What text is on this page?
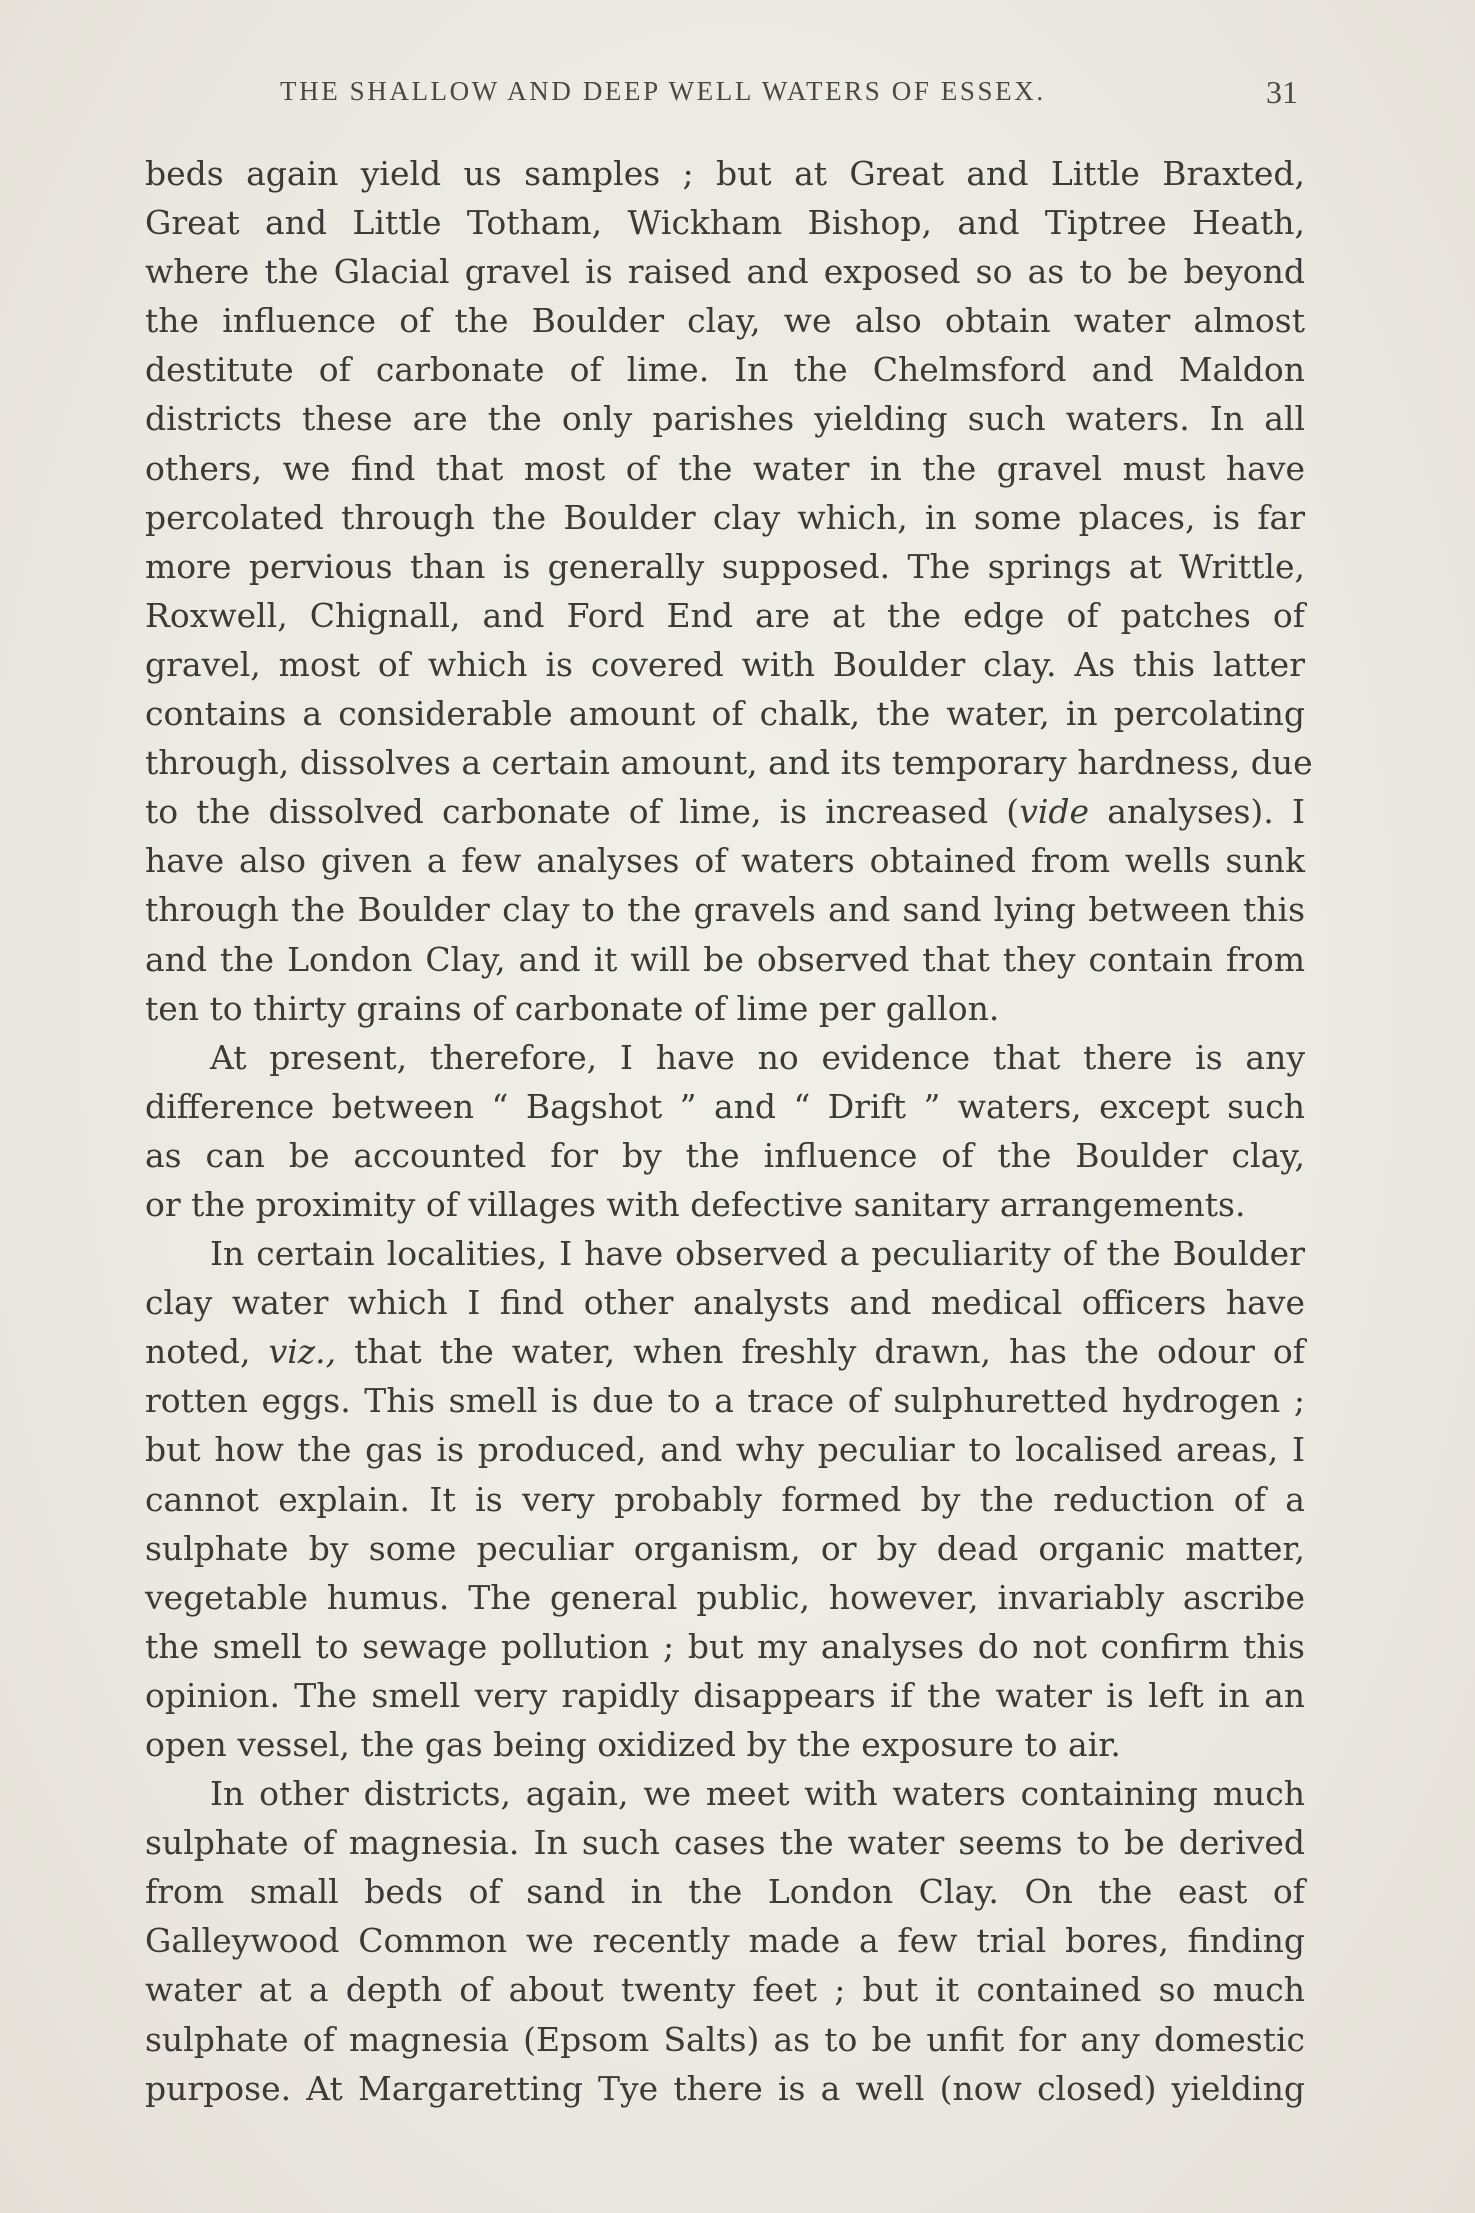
THE SHALLOW AND DEEP WELL WATERS OF ESSEX.	31
beds again yield us samples ; but at Great and Little Braxted,
Great and Little Totham, Wickham Bishop, and Tiptree Heath,
where the Glacial gravel is raised and exposed so as to be beyond
the influence of the Boulder clay, we also obtain water almost
destitute of carbonate of lime. In the Chelmsford and Maldon
districts these are the only parishes yielding such waters. In all
others, we find that most of the water in the gravel must have
percolated through the Boulder clay which, in some places, is far
more pervious than is generally supposed. The springs at Writtle,
Roxwell, Chignall, and Ford End are at the edge of patches of
gravel, most of which is covered with Boulder clay. As this latter
contains a considerable amount of chalk, the water, in percolating
through, dissolves a certain amount, and its temporary hardness, due
to the dissolved carbonate of lime, is increased (vide analyses). I
have also given a few analyses of waters obtained from wells sunk
through the Boulder clay to the gravels and sand lying between this
and the London Clay, and it will be observed that they contain from
ten to thirty grains of carbonate of lime per gallon.
At present, therefore, I have no evidence that there is any
difference between “ Bagshot ” and “ Drift ” waters, except such
as can be accounted for by the influence of the Boulder clay,
or the proximity of villages with defective sanitary arrangements.
In certain localities, I have observed a peculiarity of the Boulder
clay water which I find other analysts and medical officers have
noted, viz., that the water, when freshly drawn, has the odour of
rotten eggs. This smell is due to a trace of sulphuretted hydrogen ;
but how the gas is produced, and why peculiar to localised areas, I
cannot explain. It is very probably formed by the reduction of a
sulphate by some peculiar organism, or by dead organic matter,
vegetable humus. The general public, however, invariably ascribe
the smell to sewage pollution ; but my analyses do not confirm this
opinion. The smell very rapidly disappears if the water is left in an
open vessel, the gas being oxidized by the exposure to air.
In other districts, again, we meet with waters containing much
sulphate of magnesia. In such cases the water seems to be derived
from small beds of sand in the London Clay. On the east of
Galleywood Common we recently made a few trial bores, finding
water at a depth of about twenty feet ; but it contained so much
sulphate of magnesia (Epsom Salts) as to be unfit for any domestic
purpose. At Margaretting Tye there is a well (now closed) yielding
